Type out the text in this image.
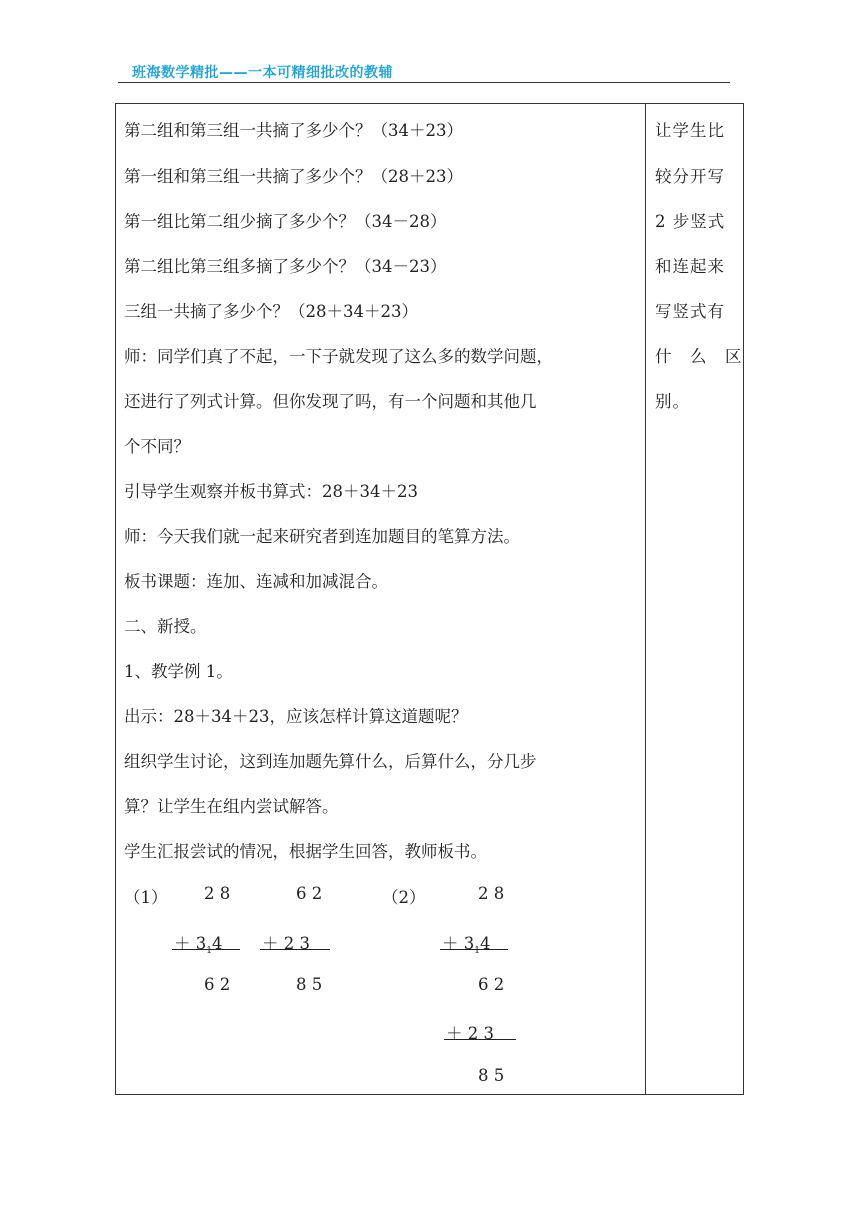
班海数学精批——一本可精细批改的教辅
第二组和第三组一共摘了多少个？（34＋23）
第一组和第三组一共摘了多少个？（28＋23）
第一组比第二组少摘了多少个？（34－28）
第二组比第三组多摘了多少个？（34－23）
三组一共摘了多少个？（28＋34＋23）
师：同学们真了不起，一下子就发现了这么多的数学问题，
还进行了列式计算。但你发现了吗，有一个问题和其他几
个不同？
引导学生观察并板书算式：28＋34＋23
师：今天我们就一起来研究者到连加题目的笔算方法。
板书课题：连加、连减和加减混合。
二、新授。
1、教学例 1。
出示：28＋34＋23，应该怎样计算这道题呢？
组织学生讨论，这到连加题先算什么，后算什么，分几步
算？让学生在组内尝试解答。
学生汇报尝试的情况，根据学生回答，教师板书。
让学生比
较分开写
2 步竖式
和连起来
写竖式有
什　么　区
别。
（1） 2 8
＋ $3_14$
6 2
6 2
＋ 2 3
8 5
（2）	2 8
＋ $3_14$
6 2
＋ 2 3
8 5
